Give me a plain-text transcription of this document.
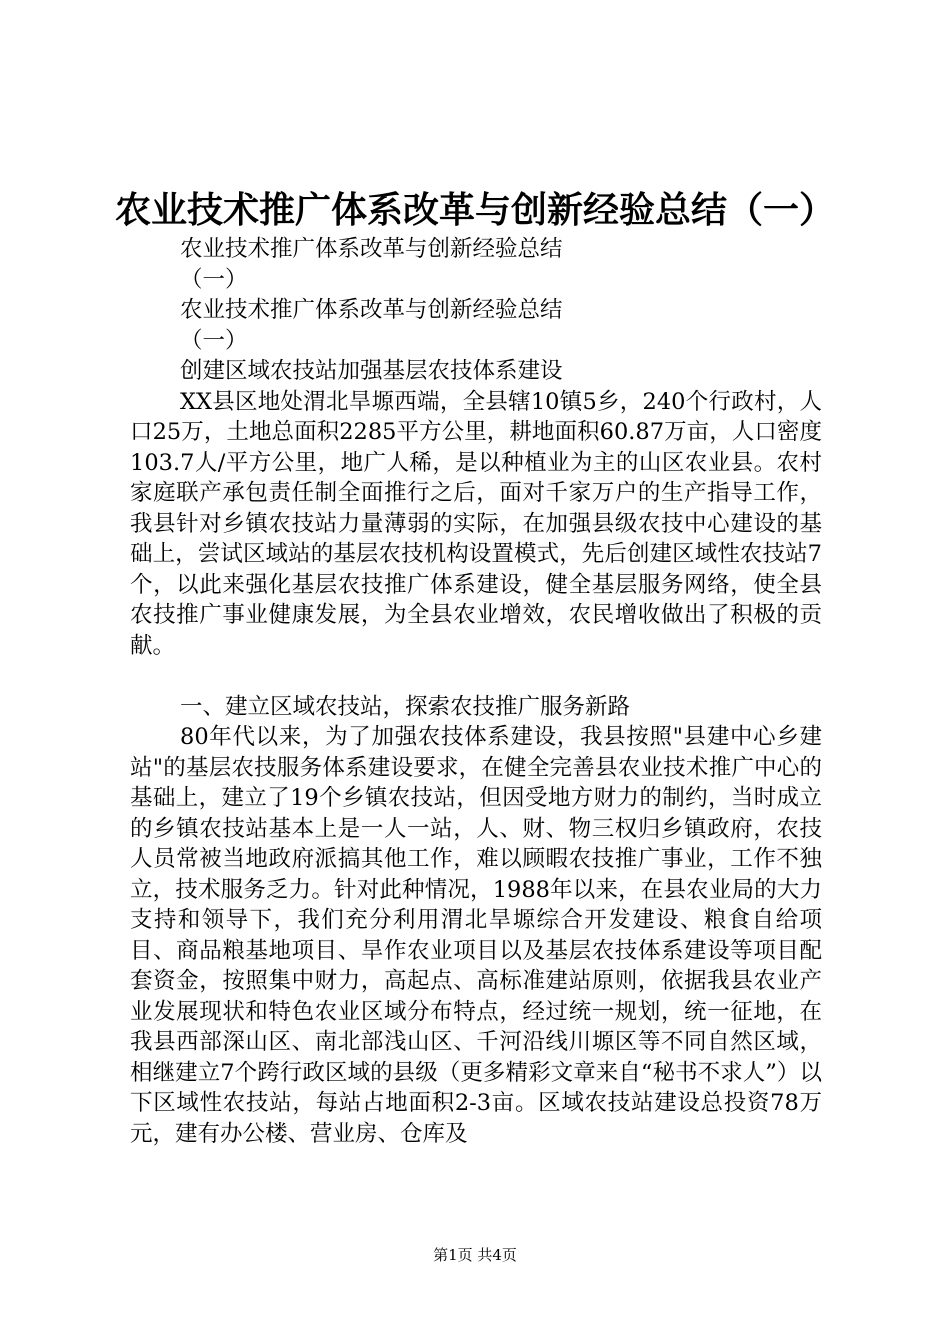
农业技术推广体系改革与创新经验总结（一）
农业技术推广体系改革与创新经验总结
（一）
农业技术推广体系改革与创新经验总结
（一）
创建区域农技站加强基层农技体系建设
XX县区地处渭北旱塬西端，全县辖10镇5乡，240个行政村，人口25万，土地总面积2285平方公里，耕地面积60.87万亩，人口密度103.7人/平方公里，地广人稀，是以种植业为主的山区农业县。农村家庭联产承包责任制全面推行之后，面对千家万户的生产指导工作，我县针对乡镇农技站力量薄弱的实际，在加强县级农技中心建设的基础上，尝试区域站的基层农技机构设置模式，先后创建区域性农技站7个，以此来强化基层农技推广体系建设，健全基层服务网络，使全县农技推广事业健康发展，为全县农业增效，农民增收做出了积极的贡献。
一、建立区域农技站，探索农技推广服务新路
80年代以来，为了加强农技体系建设，我县按照"县建中心乡建站"的基层农技服务体系建设要求，在健全完善县农业技术推广中心的基础上，建立了19个乡镇农技站，但因受地方财力的制约，当时成立的乡镇农技站基本上是一人一站，人、财、物三权归乡镇政府，农技人员常被当地政府派搞其他工作，难以顾暇农技推广事业，工作不独立，技术服务乏力。针对此种情况，1988年以来，在县农业局的大力支持和领导下，我们充分利用渭北旱塬综合开发建设、粮食自给项目、商品粮基地项目、旱作农业项目以及基层农技体系建设等项目配套资金，按照集中财力，高起点、高标准建站原则，依据我县农业产业发展现状和特色农业区域分布特点，经过统一规划，统一征地，在我县西部深山区、南北部浅山区、千河沿线川塬区等不同自然区域，相继建立7个跨行政区域的县级（更多精彩文章来自“秘书不求人”）以下区域性农技站，每站占地面积2-3亩。区域农技站建设总投资78万元，建有办公楼、营业房、仓库及
第1页 共4页
